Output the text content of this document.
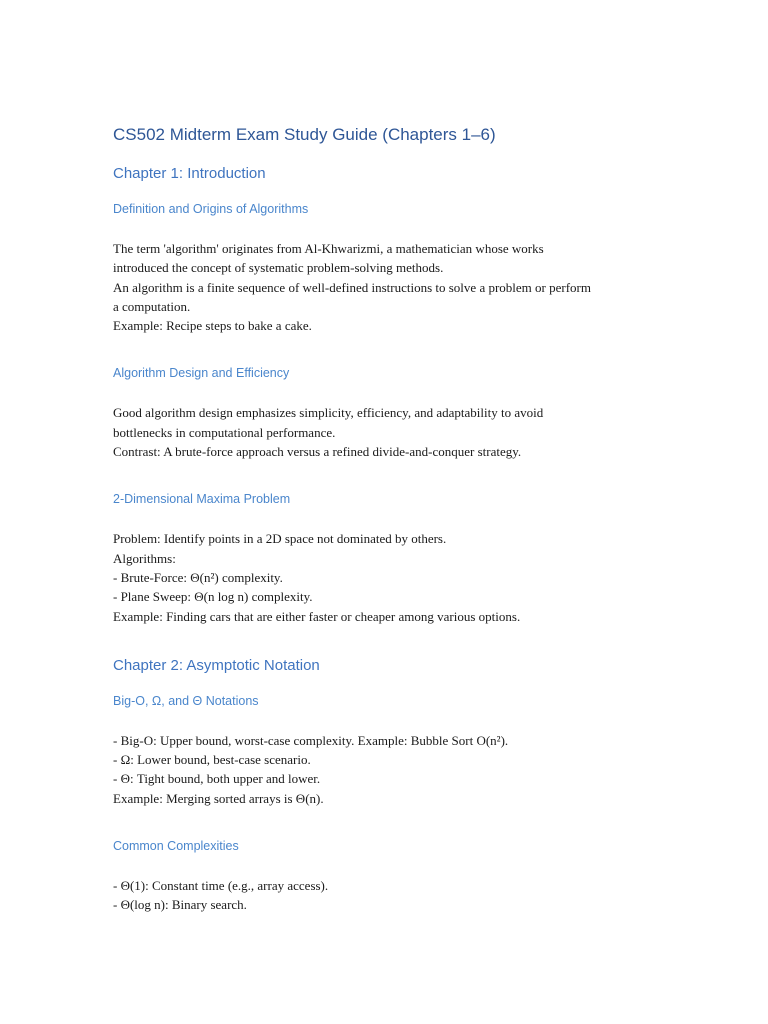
CS502 Midterm Exam Study Guide (Chapters 1–6)
Chapter 1: Introduction
Definition and Origins of Algorithms

The term 'algorithm' originates from Al-Khwarizmi, a mathematician whose works
introduced the concept of systematic problem-solving methods.
An algorithm is a finite sequence of well-defined instructions to solve a problem or perform
a computation.
Example: Recipe steps to bake a cake.

Algorithm Design and Efficiency

Good algorithm design emphasizes simplicity, efficiency, and adaptability to avoid
bottlenecks in computational performance.
Contrast: A brute-force approach versus a refined divide-and-conquer strategy.

2-Dimensional Maxima Problem

Problem: Identify points in a 2D space not dominated by others.
Algorithms:
- Brute-Force: Θ(n²) complexity.
- Plane Sweep: Θ(n log n) complexity.
Example: Finding cars that are either faster or cheaper among various options.

Chapter 2: Asymptotic Notation
Big-O, Ω, and Θ Notations

- Big-O: Upper bound, worst-case complexity. Example: Bubble Sort O(n²).
- Ω: Lower bound, best-case scenario.
- Θ: Tight bound, both upper and lower.
Example: Merging sorted arrays is Θ(n).

Common Complexities

- Θ(1): Constant time (e.g., array access).
- Θ(log n): Binary search.
